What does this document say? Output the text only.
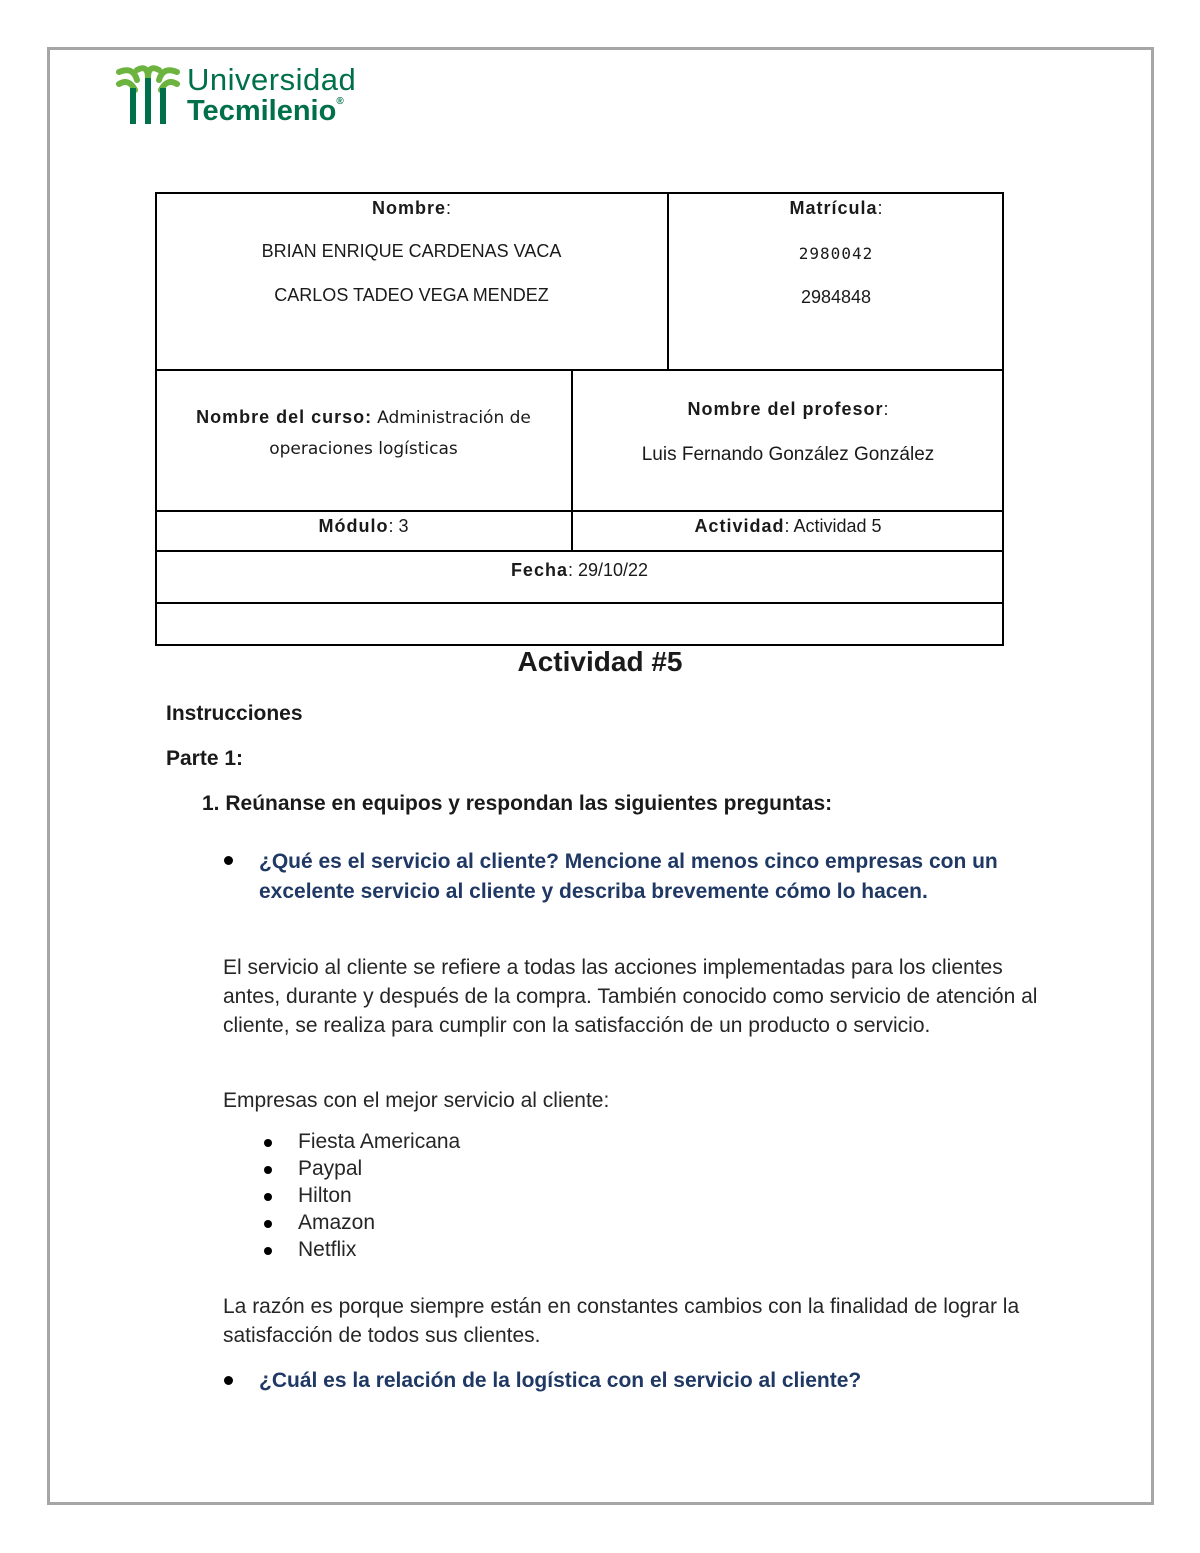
Universidad
Tecmilenio®
Nombre:
BRIAN ENRIQUE CARDENAS VACA
CARLOS TADEO VEGA MENDEZ
Matrícula:
2980042
2984848
Nombre del curso: Administración de
operaciones logísticas
Nombre del profesor:
Luis Fernando González González
Módulo: 3	Actividad: Actividad 5
Fecha: 29/10/22
Actividad #5
Instrucciones
Parte 1:
1. Reúnanse en equipos y respondan las siguientes preguntas:
¿Qué es el servicio al cliente? Mencione al menos cinco empresas con un excelente servicio al cliente y describa brevemente cómo lo hacen.
El servicio al cliente se refiere a todas las acciones implementadas para los clientes antes, durante y después de la compra. También conocido como servicio de atención al cliente, se realiza para cumplir con la satisfacción de un producto o servicio.
Empresas con el mejor servicio al cliente:
Fiesta Americana
Paypal
Hilton
Amazon
Netflix
La razón es porque siempre están en constantes cambios con la finalidad de lograr la satisfacción de todos sus clientes.
¿Cuál es la relación de la logística con el servicio al cliente?
